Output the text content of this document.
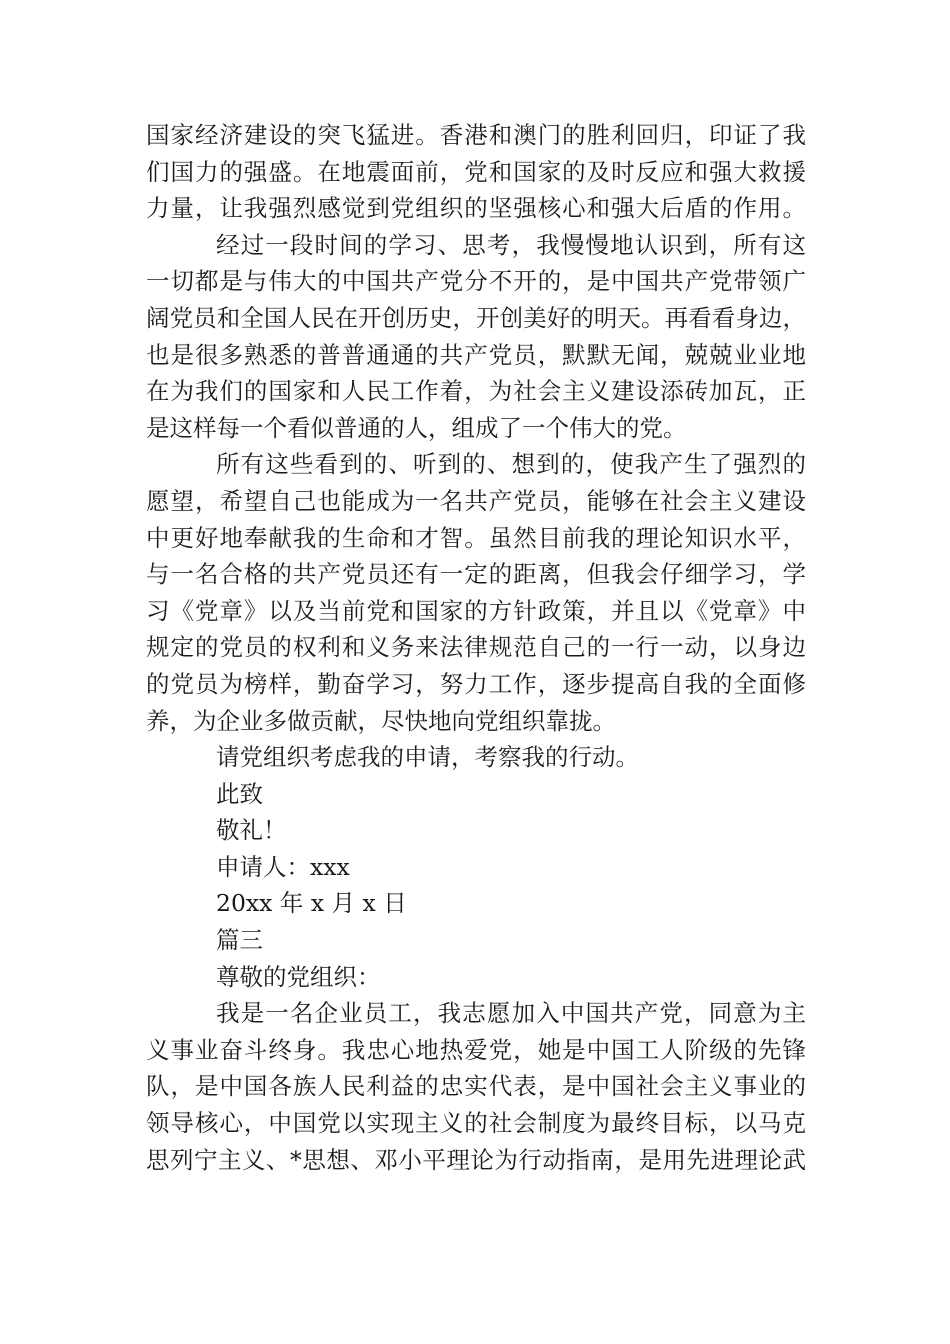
国家经济建设的突飞猛进。香港和澳门的胜利回归，印证了我
们国力的强盛。在地震面前，党和国家的及时反应和强大救援
力量，让我强烈感觉到党组织的坚强核心和强大后盾的作用。
经过一段时间的学习、思考，我慢慢地认识到，所有这
一切都是与伟大的中国共产党分不开的，是中国共产党带领广
阔党员和全国人民在开创历史，开创美好的明天。再看看身边，
也是很多熟悉的普普通通的共产党员，默默无闻，兢兢业业地
在为我们的国家和人民工作着，为社会主义建设添砖加瓦，正
是这样每一个看似普通的人，组成了一个伟大的党。
所有这些看到的、听到的、想到的，使我产生了强烈的
愿望，希望自己也能成为一名共产党员，能够在社会主义建设
中更好地奉献我的生命和才智。虽然目前我的理论知识水平，
与一名合格的共产党员还有一定的距离，但我会仔细学习，学
习《党章》以及当前党和国家的方针政策，并且以《党章》中
规定的党员的权利和义务来法律规范自己的一行一动，以身边
的党员为榜样，勤奋学习，努力工作，逐步提高自我的全面修
养，为企业多做贡献，尽快地向党组织靠拢。
请党组织考虑我的申请，考察我的行动。
此致
敬礼！
申请人：xxx
20xx 年 x 月 x 日
篇三
尊敬的党组织：
我是一名企业员工，我志愿加入中国共产党，同意为主
义事业奋斗终身。我忠心地热爱党，她是中国工人阶级的先锋
队，是中国各族人民利益的忠实代表，是中国社会主义事业的
领导核心，中国党以实现主义的社会制度为最终目标，以马克
思列宁主义、*思想、邓小平理论为行动指南，是用先进理论武
